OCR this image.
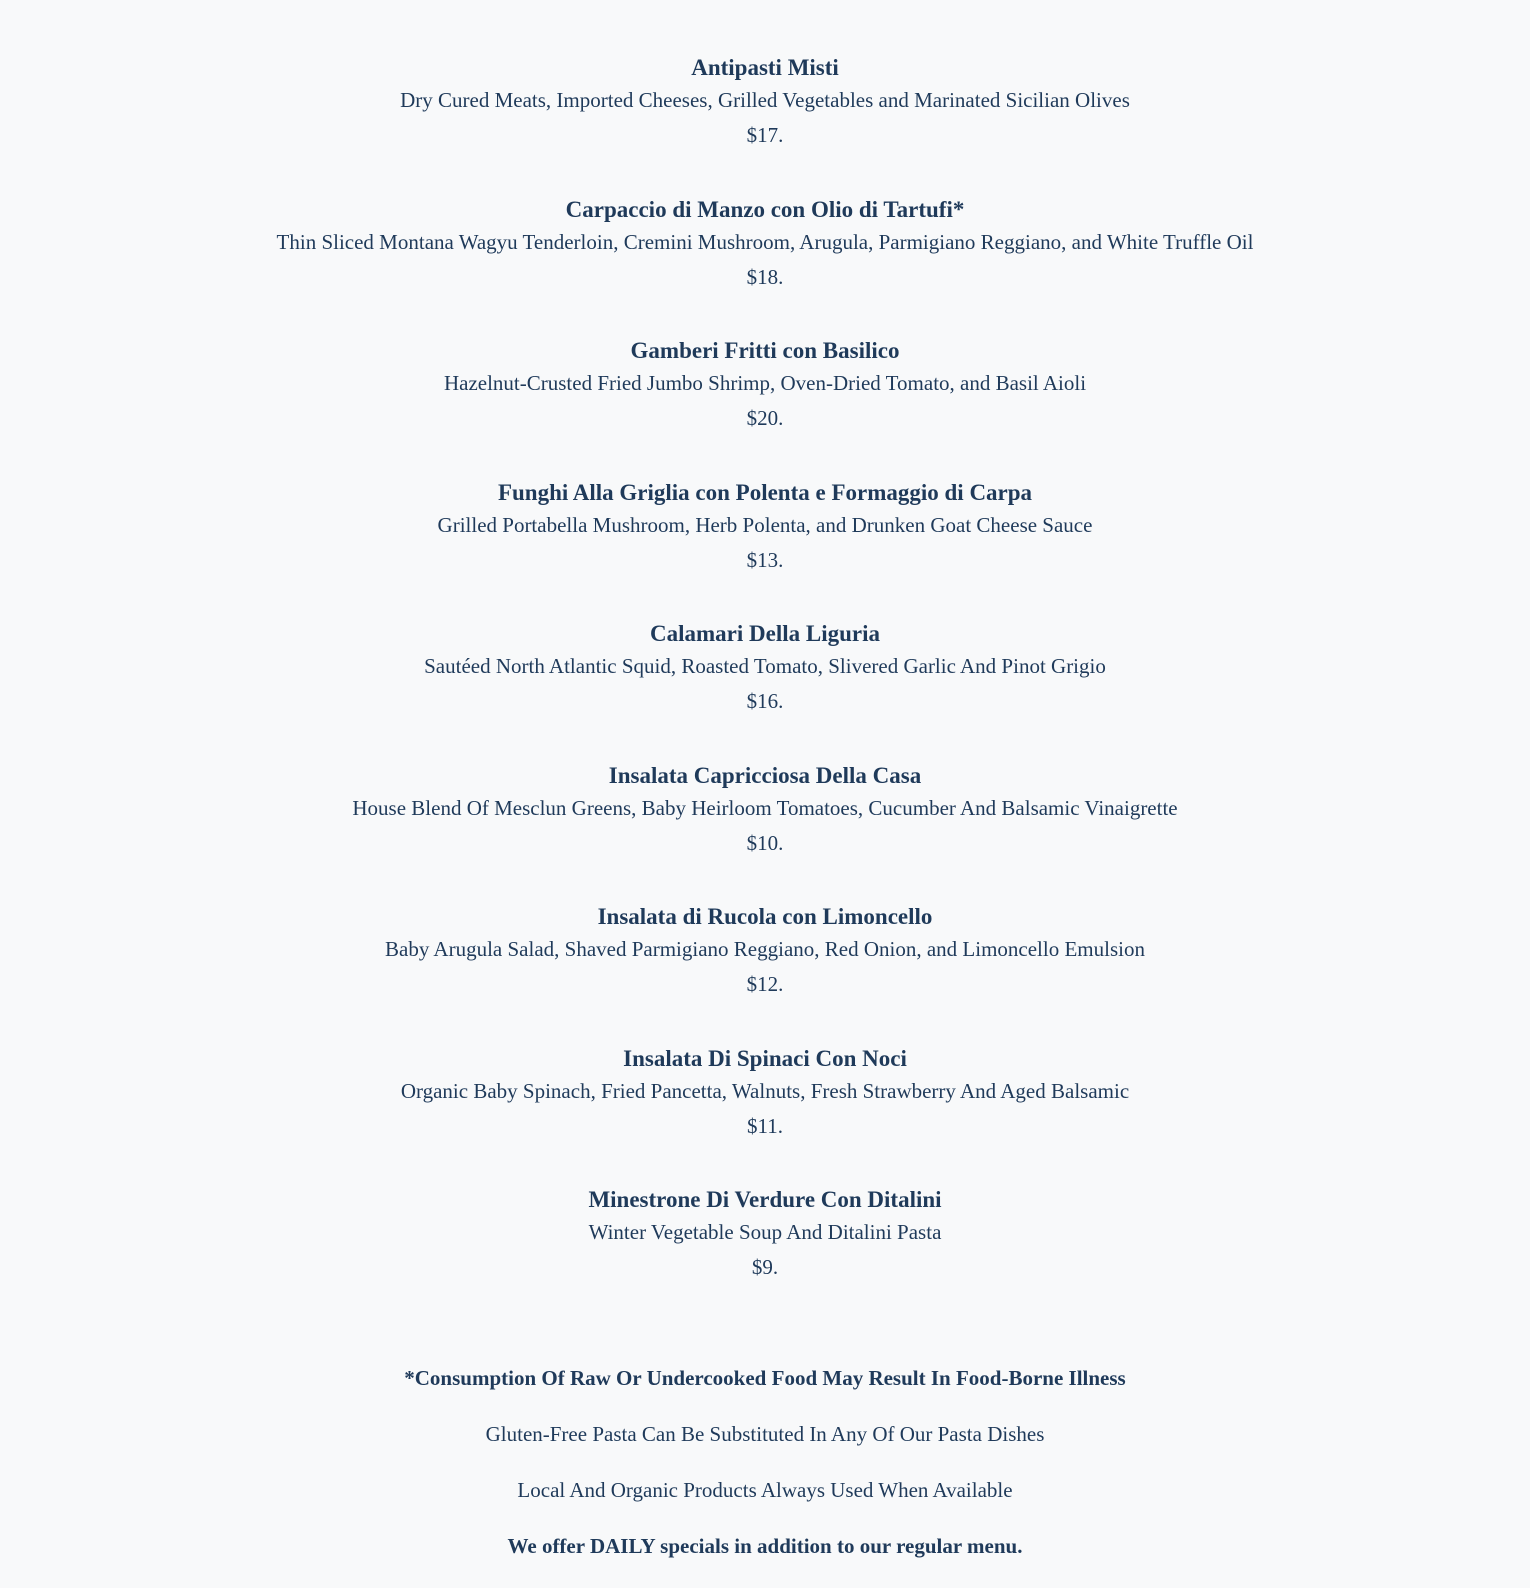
Antipasti Misti
Dry Cured Meats, Imported Cheeses, Grilled Vegetables and Marinated Sicilian Olives
$17.
Carpaccio di Manzo con Olio di Tartufi*
Thin Sliced Montana Wagyu Tenderloin, Cremini Mushroom, Arugula, Parmigiano Reggiano, and White Truffle Oil
$18.
Gamberi Fritti con Basilico
Hazelnut-Crusted Fried Jumbo Shrimp, Oven-Dried Tomato, and Basil Aioli
$20.
Funghi Alla Griglia con Polenta e Formaggio di Carpa
Grilled Portabella Mushroom, Herb Polenta, and Drunken Goat Cheese Sauce
$13.
Calamari Della Liguria
Sautéed North Atlantic Squid, Roasted Tomato, Slivered Garlic And Pinot Grigio
$16.
Insalata Capricciosa Della Casa
House Blend Of Mesclun Greens, Baby Heirloom Tomatoes, Cucumber And Balsamic Vinaigrette
$10.
Insalata di Rucola con Limoncello
Baby Arugula Salad, Shaved Parmigiano Reggiano, Red Onion, and Limoncello Emulsion
$12.
Insalata Di Spinaci Con Noci
Organic Baby Spinach, Fried Pancetta, Walnuts, Fresh Strawberry And Aged Balsamic
$11.
Minestrone Di Verdure Con Ditalini
Winter Vegetable Soup And Ditalini Pasta
$9.
*Consumption Of Raw Or Undercooked Food May Result In Food-Borne Illness
Gluten-Free Pasta Can Be Substituted In Any Of Our Pasta Dishes
Local And Organic Products Always Used When Available
We offer DAILY specials in addition to our regular menu.
